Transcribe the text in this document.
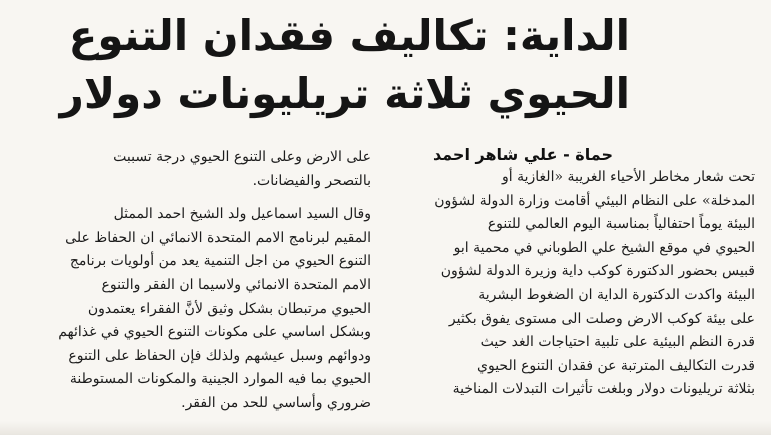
الداية: تكاليف فقدان التنوع
الحيوي ثلاثة تريليونات دولار
حماة - علي شاهر احمد
تحت شعار مخاطر الأحياء الغريبة «الغازية أو
المدخلة» على النظام البيئي أقامت وزارة الدولة لشؤون
البيئة يوماً احتفالياً بمناسبة اليوم العالمي للتنوع
الحيوي في موقع الشيخ علي الطوباني في محمية ابو
قبيس بحضور الدكتورة كوكب داية وزيرة الدولة لشؤون
البيئة واكدت الدكتورة الداية ان الضغوط البشرية
على بيئة كوكب الارض وصلت الى مستوى يفوق بكثير
قدرة النظم البيئية على تلبية احتياجات الغد حيث
قدرت التكاليف المترتبة عن فقدان التنوع الحيوي
بثلاثة تريليونات دولار وبلغت تأثيرات التبدلات المناخية
على الارض وعلى التنوع الحيوي درجة تسببت
بالتصحر والفيضانات.
وقال السيد اسماعيل ولد الشيخ احمد الممثل
المقيم لبرنامج الامم المتحدة الانمائي ان الحفاظ على
التنوع الحيوي من اجل التنمية يعد من أولويات برنامج
الامم المتحدة الانمائي ولاسيما ان الفقر والتنوع
الحيوي مرتبطان بشكل وثيق لأنَّ الفقراء يعتمدون
وبشكل اساسي على مكونات التنوع الحيوي في غذائهم
ودوائهم وسبل عيشهم ولذلك فإن الحفاظ على التنوع
الحيوي بما فيه الموارد الجينية والمكونات المستوطنة
ضروري وأساسي للحد من الفقر.
